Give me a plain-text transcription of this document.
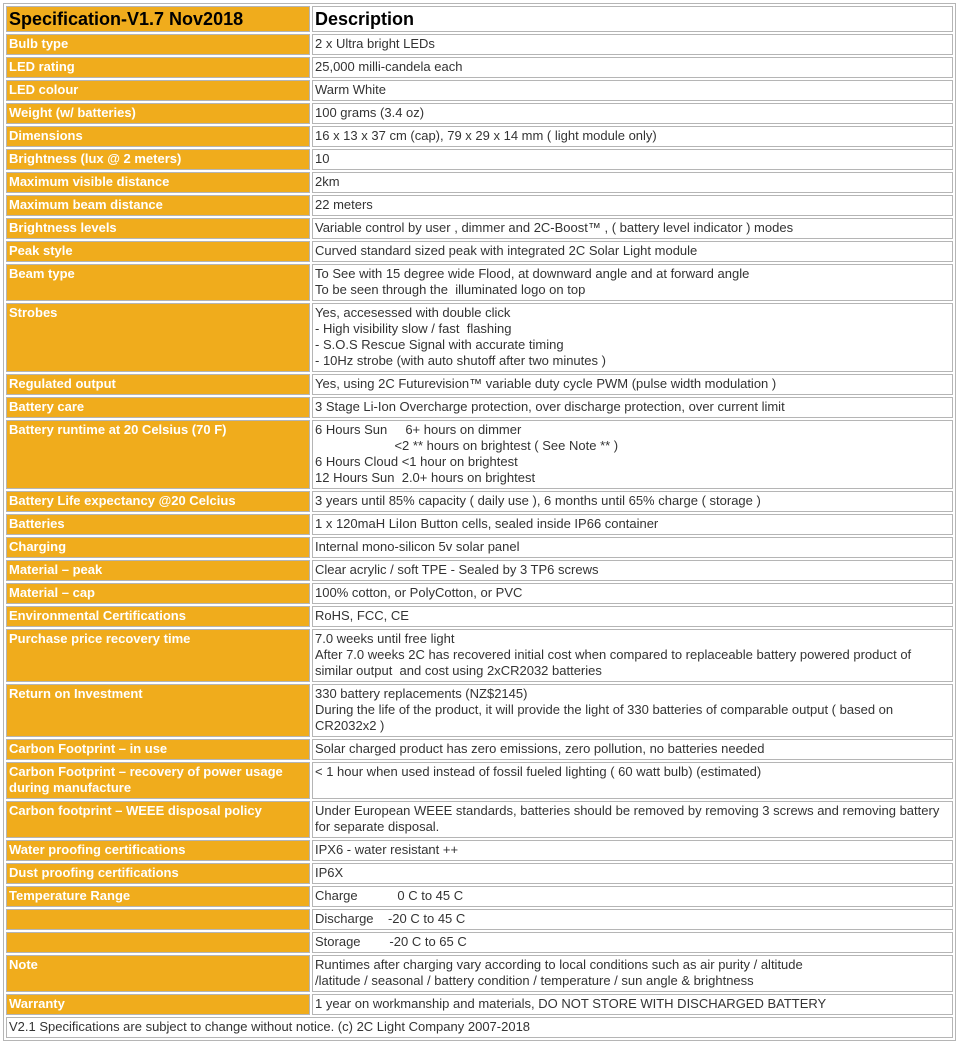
Specification-V1.7 Nov2018	Description
Bulb type	2 x Ultra bright LEDs
LED rating	25,000 milli-candela each
LED colour	Warm White
Weight (w/ batteries)	100 grams (3.4 oz)
Dimensions	16 x 13 x 37 cm (cap), 79 x 29 x 14 mm ( light module only)
Brightness (lux @ 2 meters)	10
Maximum visible distance	2km
Maximum beam distance	22 meters
Brightness levels	Variable control by user , dimmer and 2C-Boost™ , ( battery level indicator ) modes
Peak style	Curved standard sized peak with integrated 2C Solar Light module
Beam type	To See with 15 degree wide Flood, at downward angle and at forward angle
To be seen through the  illuminated logo on top
Strobes	Yes, accesessed with double click
- High visibility slow / fast  flashing
- S.O.S Rescue Signal with accurate timing
- 10Hz strobe (with auto shutoff after two minutes )
Regulated output	Yes, using 2C Futurevision™ variable duty cycle PWM (pulse width modulation )
Battery care	3 Stage Li-Ion Overcharge protection, over discharge protection, over current limit
Battery runtime at 20 Celsius (70 F)	6 Hours Sun     6+ hours on dimmer
<2 ** hours on brightest ( See Note ** )
6 Hours Cloud <1 hour on brightest
12 Hours Sun  2.0+ hours on brightest
Battery Life expectancy @20 Celcius	3 years until 85% capacity ( daily use ), 6 months until 65% charge ( storage )
Batteries	1 x 120maH LiIon Button cells, sealed inside IP66 container
Charging	Internal mono-silicon 5v solar panel
Material – peak	Clear acrylic / soft TPE - Sealed by 3 TP6 screws
Material – cap	100% cotton, or PolyCotton, or PVC
Environmental Certifications	RoHS, FCC, CE
Purchase price recovery time	7.0 weeks until free light
After 7.0 weeks 2C has recovered initial cost when compared to replaceable battery powered product of similar output  and cost using 2xCR2032 batteries
Return on Investment	330 battery replacements (NZ$2145)
During the life of the product, it will provide the light of 330 batteries of comparable output ( based on CR2032x2 )
Carbon Footprint – in use	Solar charged product has zero emissions, zero pollution, no batteries needed
Carbon Footprint – recovery of power usage during manufacture	< 1 hour when used instead of fossil fueled lighting ( 60 watt bulb) (estimated)
Carbon footprint – WEEE disposal policy	Under European WEEE standards, batteries should be removed by removing 3 screws and removing battery for separate disposal.
Water proofing certifications	IPX6 - water resistant ++
Dust proofing certifications	IP6X
Temperature Range	Charge           0 C to 45 C
	Discharge    -20 C to 45 C
	Storage        -20 C to 65 C
Note	Runtimes after charging vary according to local conditions such as air purity / altitude
/latitude / seasonal / battery condition / temperature / sun angle & brightness
Warranty	1 year on workmanship and materials, DO NOT STORE WITH DISCHARGED BATTERY
V2.1 Specifications are subject to change without notice. (c) 2C Light Company 2007-2018	
